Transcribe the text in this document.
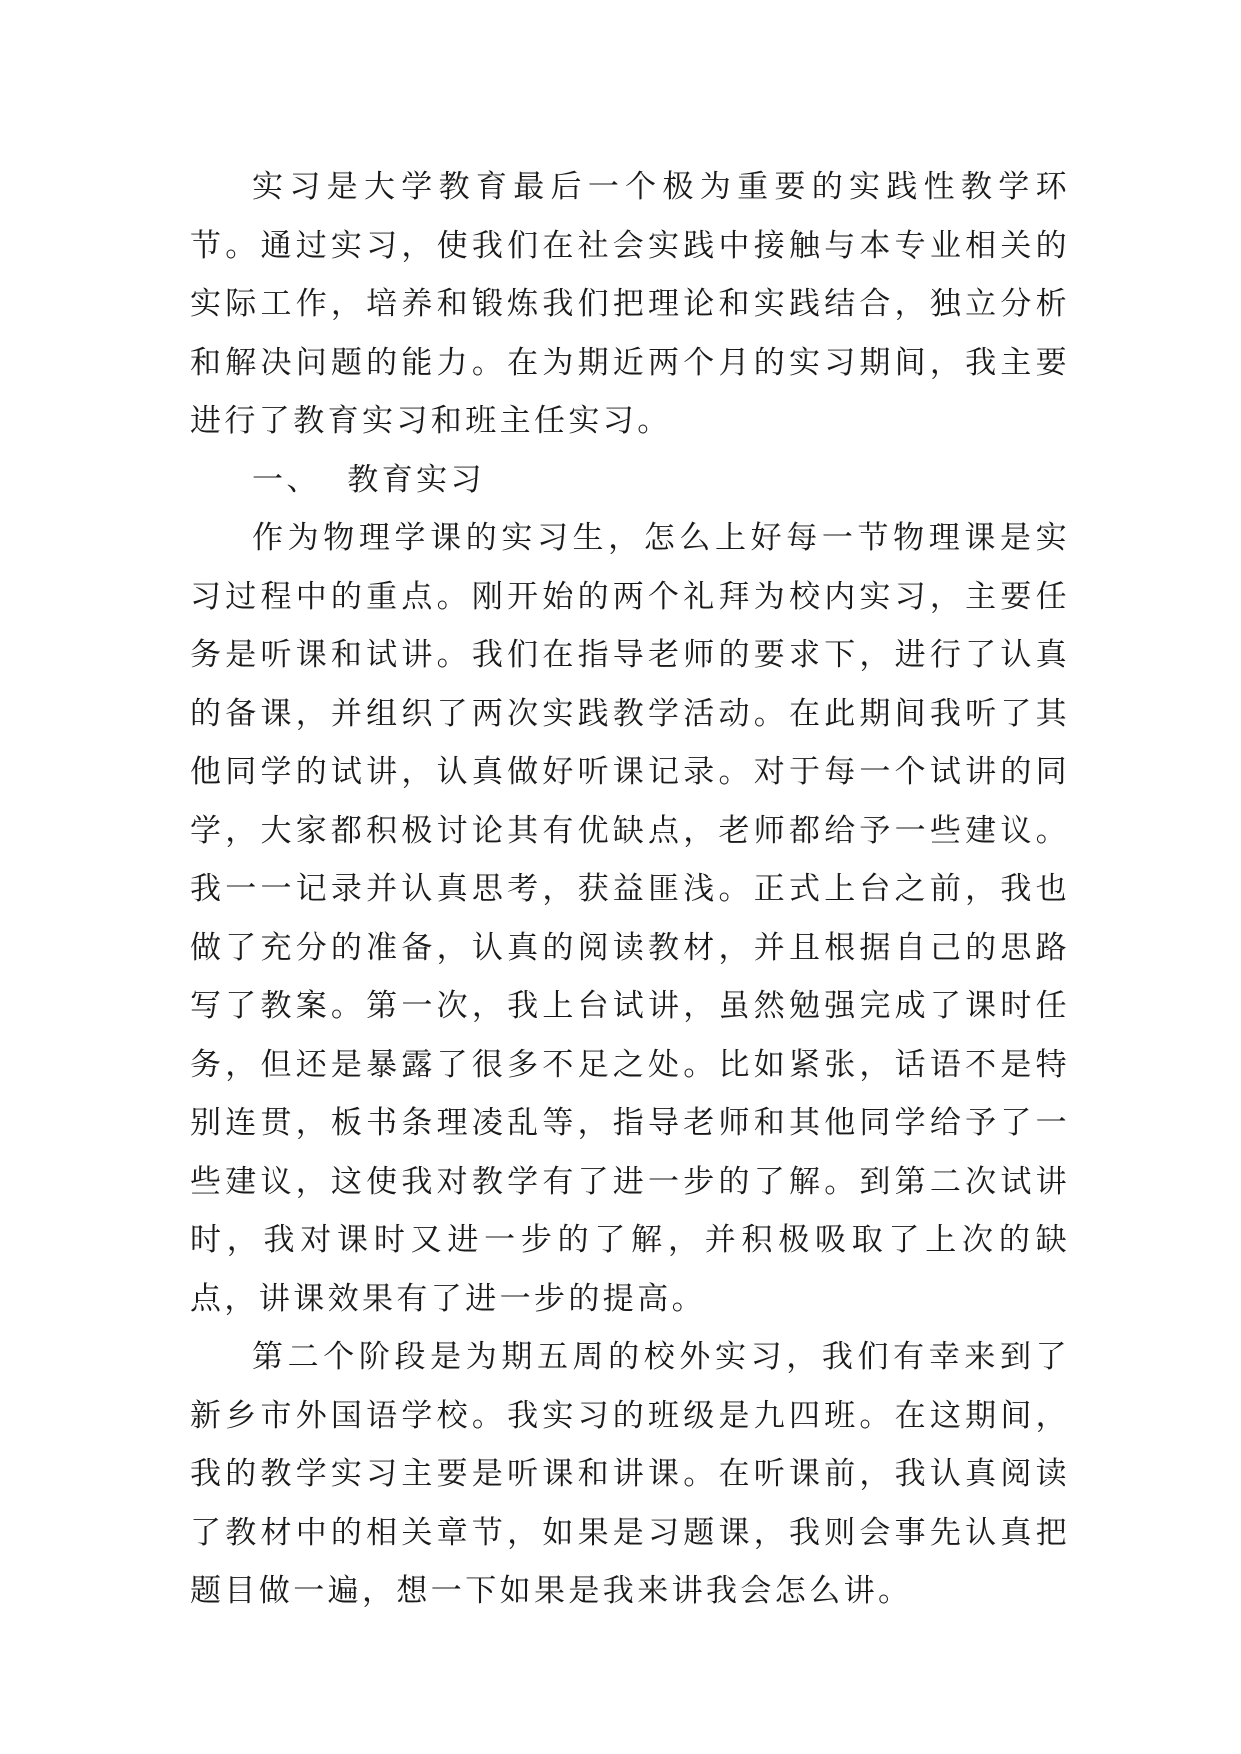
实习是大学教育最后一个极为重要的实践性教学环节。通过实习，使我们在社会实践中接触与本专业相关的实际工作，培养和锻炼我们把理论和实践结合，独立分析和解决问题的能力。在为期近两个月的实习期间，我主要进行了教育实习和班主任实习。

一、  教育实习

作为物理学课的实习生，怎么上好每一节物理课是实习过程中的重点。刚开始的两个礼拜为校内实习，主要任务是听课和试讲。我们在指导老师的要求下，进行了认真的备课，并组织了两次实践教学活动。在此期间我听了其他同学的试讲，认真做好听课记录。对于每一个试讲的同学，大家都积极讨论其有优缺点，老师都给予一些建议。我一一记录并认真思考，获益匪浅。正式上台之前，我也做了充分的准备，认真的阅读教材，并且根据自己的思路写了教案。第一次，我上台试讲，虽然勉强完成了课时任务，但还是暴露了很多不足之处。比如紧张，话语不是特别连贯，板书条理凌乱等，指导老师和其他同学给予了一些建议，这使我对教学有了进一步的了解。到第二次试讲时，我对课时又进一步的了解，并积极吸取了上次的缺点，讲课效果有了进一步的提高。

第二个阶段是为期五周的校外实习，我们有幸来到了新乡市外国语学校。我实习的班级是九四班。在这期间，我的教学实习主要是听课和讲课。在听课前，我认真阅读了教材中的相关章节，如果是习题课，我则会事先认真把题目做一遍，想一下如果是我来讲我会怎么讲。
